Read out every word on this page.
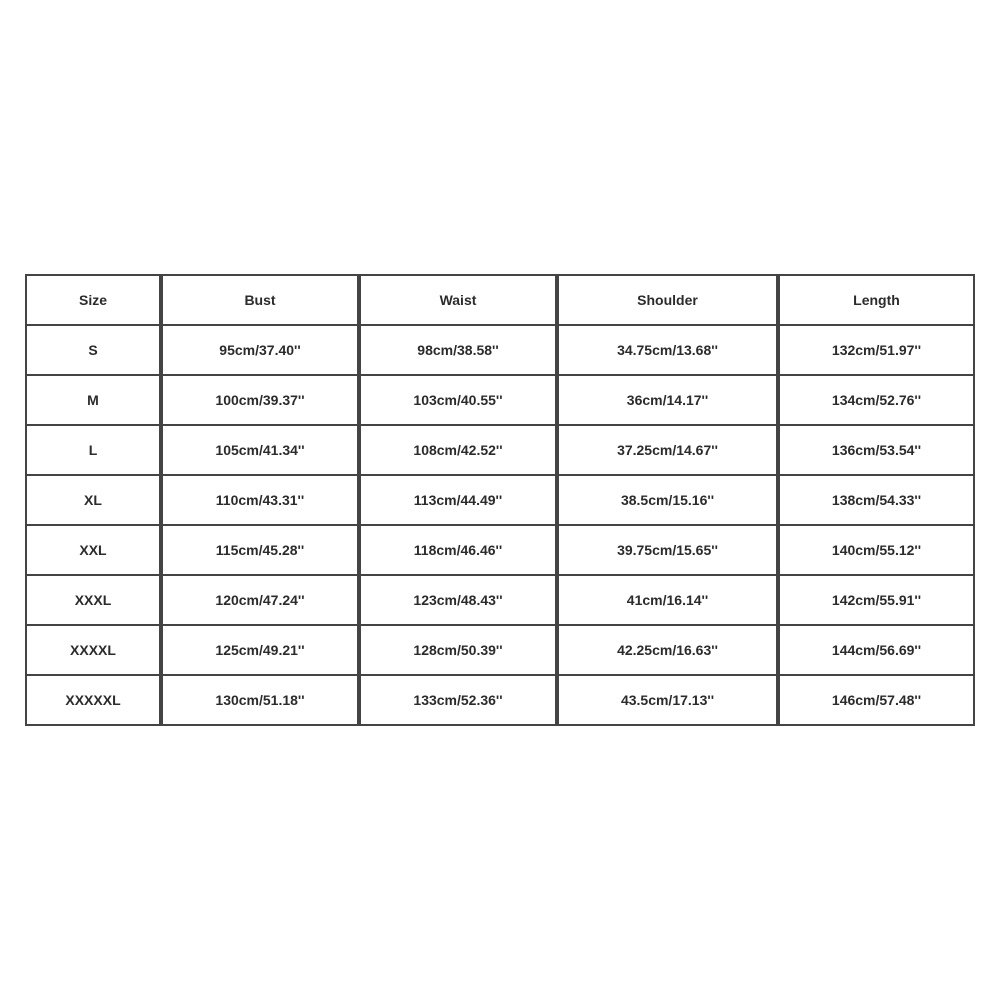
Size	Bust	Waist	Shoulder	Length
S	95cm/37.40''	98cm/38.58''	34.75cm/13.68''	132cm/51.97''
M	100cm/39.37''	103cm/40.55''	36cm/14.17''	134cm/52.76''
L	105cm/41.34''	108cm/42.52''	37.25cm/14.67''	136cm/53.54''
XL	110cm/43.31''	113cm/44.49''	38.5cm/15.16''	138cm/54.33''
XXL	115cm/45.28''	118cm/46.46''	39.75cm/15.65''	140cm/55.12''
XXXL	120cm/47.24''	123cm/48.43''	41cm/16.14''	142cm/55.91''
XXXXL	125cm/49.21''	128cm/50.39''	42.25cm/16.63''	144cm/56.69''
XXXXXL	130cm/51.18''	133cm/52.36''	43.5cm/17.13''	146cm/57.48''
